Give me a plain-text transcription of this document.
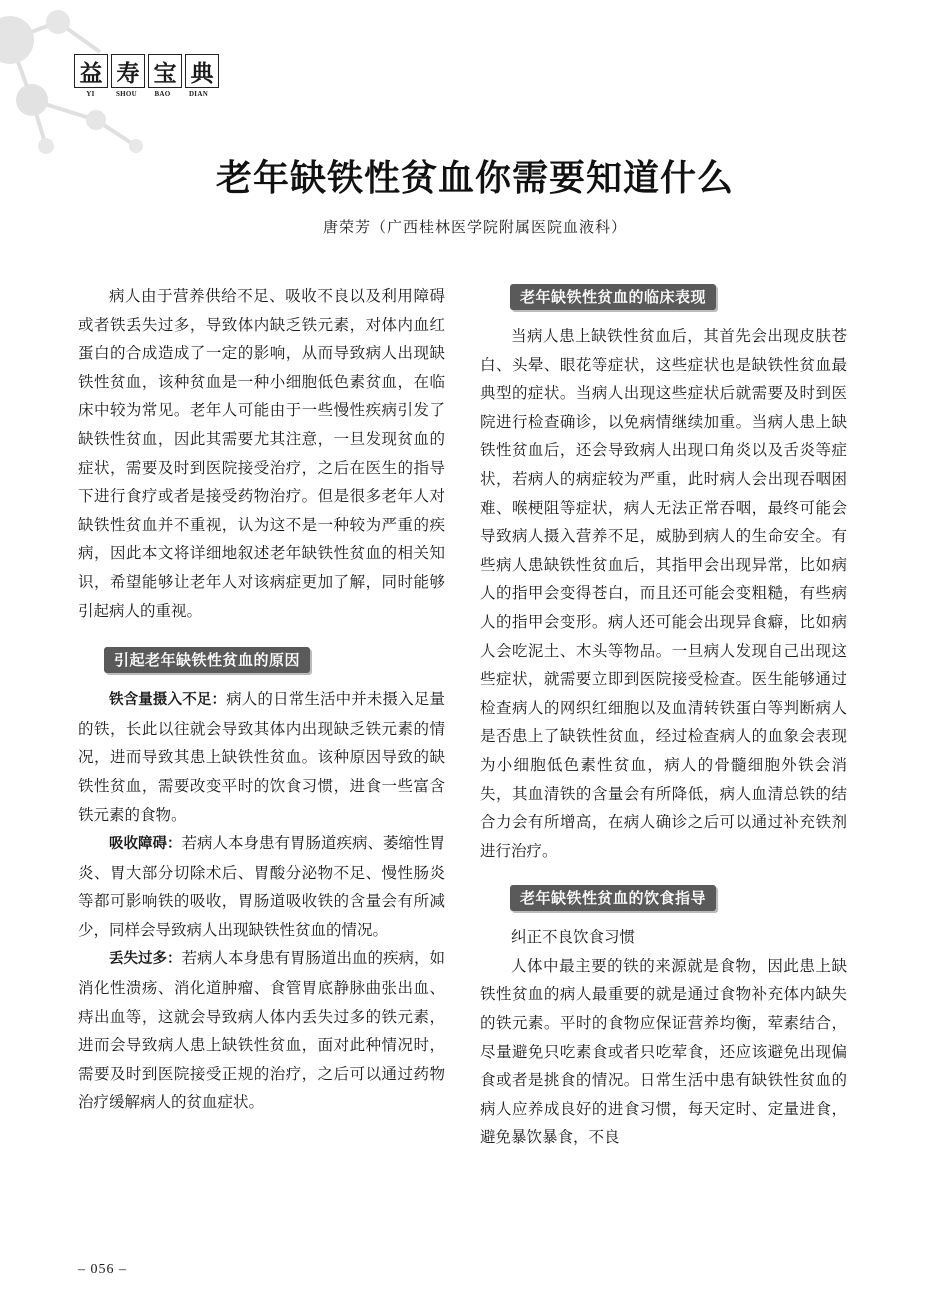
益 寿 宝 典
YI	SHOU	BAO	DIAN
老年缺铁性贫血你需要知道什么
唐荣芳（广西桂林医学院附属医院血液科）

病人由于营养供给不足、吸收不良以及利用障碍或者铁丢失过多，导致体内缺乏铁元素，对体内血红蛋白的合成造成了一定的影响，从而导致病人出现缺铁性贫血，该种贫血是一种小细胞低色素贫血，在临床中较为常见。老年人可能由于一些慢性疾病引发了缺铁性贫血，因此其需要尤其注意，一旦发现贫血的症状，需要及时到医院接受治疗，之后在医生的指导下进行食疗或者是接受药物治疗。但是很多老年人对缺铁性贫血并不重视，认为这不是一种较为严重的疾病，因此本文将详细地叙述老年缺铁性贫血的相关知识，希望能够让老年人对该病症更加了解，同时能够引起病人的重视。

引起老年缺铁性贫血的原因

铁含量摄入不足：病人的日常生活中并未摄入足量的铁，长此以往就会导致其体内出现缺乏铁元素的情况，进而导致其患上缺铁性贫血。该种原因导致的缺铁性贫血，需要改变平时的饮食习惯，进食一些富含铁元素的食物。

吸收障碍：若病人本身患有胃肠道疾病、萎缩性胃炎、胃大部分切除术后、胃酸分泌物不足、慢性肠炎等都可影响铁的吸收，胃肠道吸收铁的含量会有所减少，同样会导致病人出现缺铁性贫血的情况。

丢失过多：若病人本身患有胃肠道出血的疾病，如消化性溃疡、消化道肿瘤、食管胃底静脉曲张出血、痔出血等，这就会导致病人体内丢失过多的铁元素，进而会导致病人患上缺铁性贫血，面对此种情况时，需要及时到医院接受正规的治疗，之后可以通过药物治疗缓解病人的贫血症状。

老年缺铁性贫血的临床表现

当病人患上缺铁性贫血后，其首先会出现皮肤苍白、头晕、眼花等症状，这些症状也是缺铁性贫血最典型的症状。当病人出现这些症状后就需要及时到医院进行检查确诊，以免病情继续加重。当病人患上缺铁性贫血后，还会导致病人出现口角炎以及舌炎等症状，若病人的病症较为严重，此时病人会出现吞咽困难、喉梗阻等症状，病人无法正常吞咽，最终可能会导致病人摄入营养不足，威胁到病人的生命安全。有些病人患缺铁性贫血后，其指甲会出现异常，比如病人的指甲会变得苍白，而且还可能会变粗糙，有些病人的指甲会变形。病人还可能会出现异食癖，比如病人会吃泥土、木头等物品。一旦病人发现自己出现这些症状，就需要立即到医院接受检查。医生能够通过检查病人的网织红细胞以及血清转铁蛋白等判断病人是否患上了缺铁性贫血，经过检查病人的血象会表现为小细胞低色素性贫血，病人的骨髓细胞外铁会消失，其血清铁的含量会有所降低，病人血清总铁的结合力会有所增高，在病人确诊之后可以通过补充铁剂进行治疗。

老年缺铁性贫血的饮食指导

纠正不良饮食习惯

人体中最主要的铁的来源就是食物，因此患上缺铁性贫血的病人最重要的就是通过食物补充体内缺失的铁元素。平时的食物应保证营养均衡，荤素结合，尽量避免只吃素食或者只吃荤食，还应该避免出现偏食或者是挑食的情况。日常生活中患有缺铁性贫血的病人应养成良好的进食习惯，每天定时、定量进食，避免暴饮暴食，不良

– 056 –
